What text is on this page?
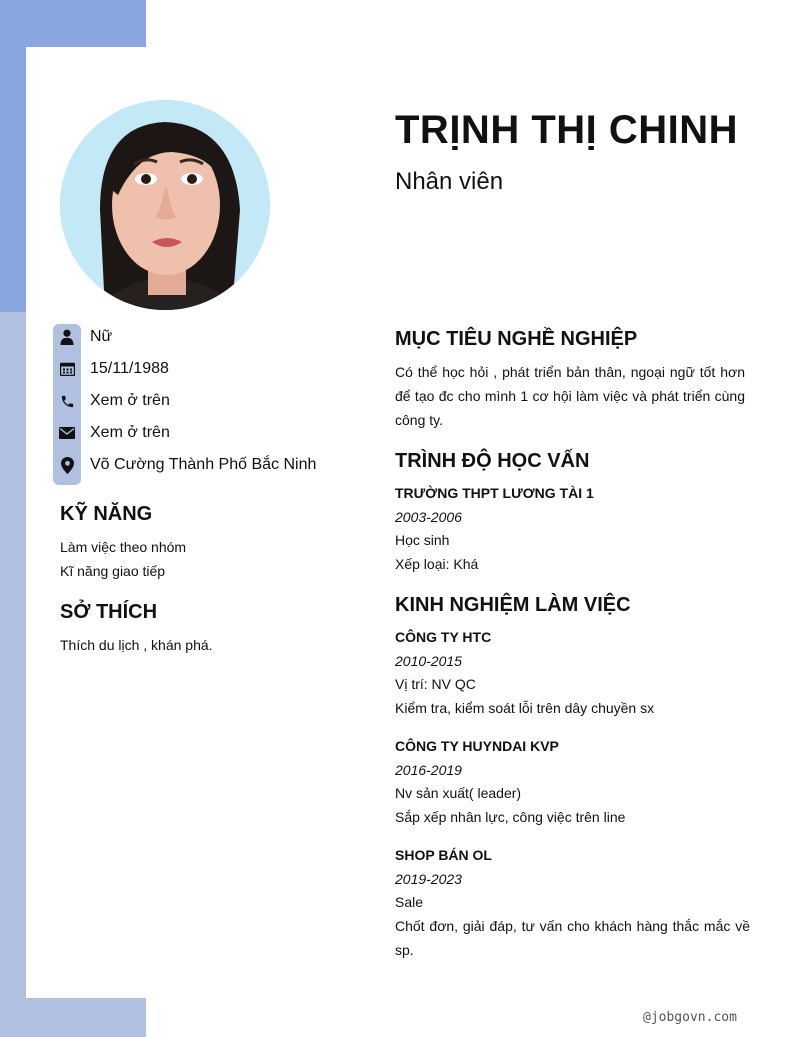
TRỊNH THỊ CHINH
Nhân viên
Nữ
15/11/1988
Xem ở trên
Xem ở trên
Võ Cường Thành Phố Bắc Ninh
KỸ NĂNG
Làm việc theo nhóm
Kĩ năng giao tiếp
SỞ THÍCH
Thích du lịch , khán phá.
MỤC TIÊU NGHỀ NGHIỆP
Có thể học hỏi , phát triển bản thân, ngoại ngữ tốt hơn để tạo đc cho mình 1 cơ hội làm việc và phát triển cùng công ty.
TRÌNH ĐỘ HỌC VẤN
TRƯỜNG THPT LƯƠNG TÀI 1
2003-2006
Học sinh
Xếp loại: Khá
KINH NGHIỆM LÀM VIỆC
CÔNG TY HTC
2010-2015
Vị trí: NV QC
Kiểm tra, kiểm soát lỗi trên dây chuyền sx
CÔNG TY HUYNDAI KVP
2016-2019
Nv sản xuất( leader)
Sắp xếp nhân lực, công việc trên line
SHOP BÁN OL
2019-2023
Sale
Chốt đơn, giải đáp, tư vấn cho khách hàng thắc mắc về sp.
@jobgovn.com
